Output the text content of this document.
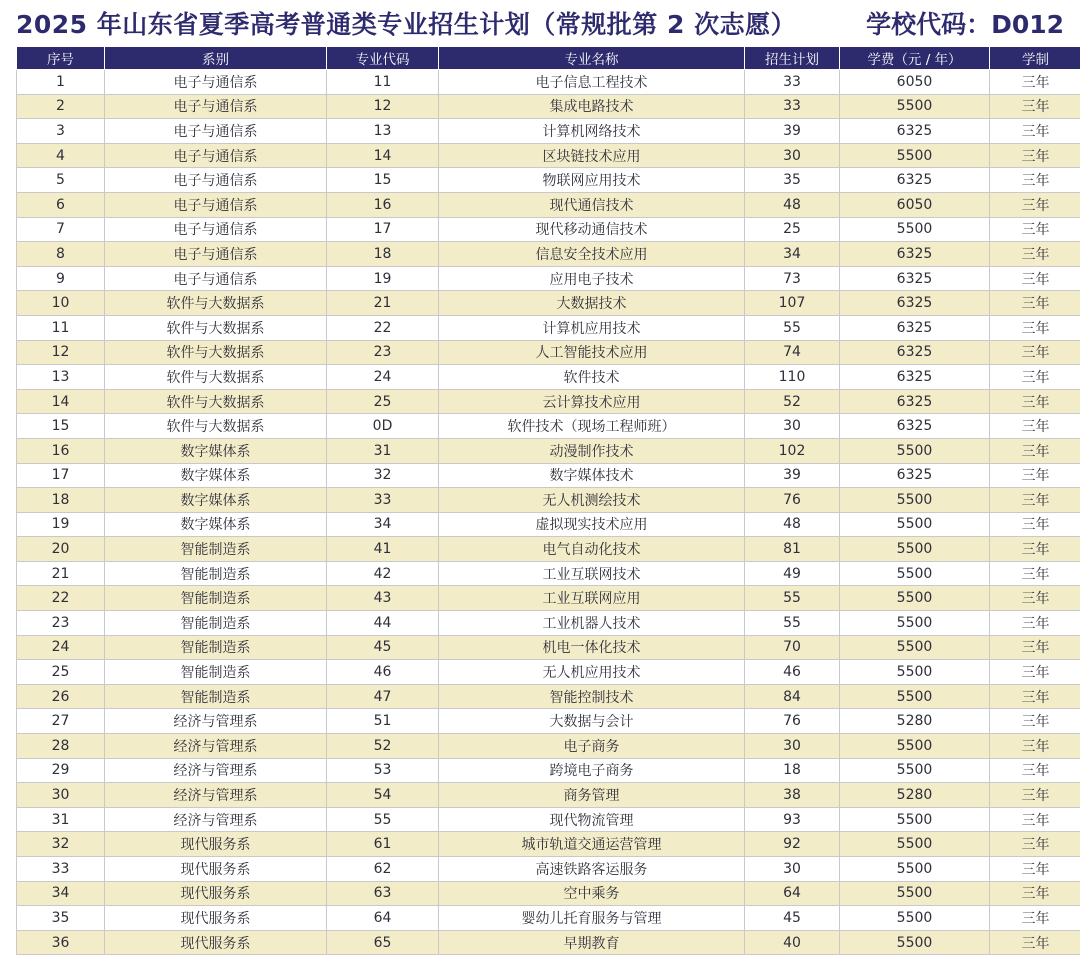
2025 年山东省夏季高考普通类专业招生计划（常规批第 2 次志愿）	学校代码：D012
序号	系别	专业代码	专业名称	招生计划	学费（元 / 年）	学制
1	电子与通信系	11	电子信息工程技术	33	6050	三年
2	电子与通信系	12	集成电路技术	33	5500	三年
3	电子与通信系	13	计算机网络技术	39	6325	三年
4	电子与通信系	14	区块链技术应用	30	5500	三年
5	电子与通信系	15	物联网应用技术	35	6325	三年
6	电子与通信系	16	现代通信技术	48	6050	三年
7	电子与通信系	17	现代移动通信技术	25	5500	三年
8	电子与通信系	18	信息安全技术应用	34	6325	三年
9	电子与通信系	19	应用电子技术	73	6325	三年
10	软件与大数据系	21	大数据技术	107	6325	三年
11	软件与大数据系	22	计算机应用技术	55	6325	三年
12	软件与大数据系	23	人工智能技术应用	74	6325	三年
13	软件与大数据系	24	软件技术	110	6325	三年
14	软件与大数据系	25	云计算技术应用	52	6325	三年
15	软件与大数据系	0D	软件技术（现场工程师班）	30	6325	三年
16	数字媒体系	31	动漫制作技术	102	5500	三年
17	数字媒体系	32	数字媒体技术	39	6325	三年
18	数字媒体系	33	无人机测绘技术	76	5500	三年
19	数字媒体系	34	虚拟现实技术应用	48	5500	三年
20	智能制造系	41	电气自动化技术	81	5500	三年
21	智能制造系	42	工业互联网技术	49	5500	三年
22	智能制造系	43	工业互联网应用	55	5500	三年
23	智能制造系	44	工业机器人技术	55	5500	三年
24	智能制造系	45	机电一体化技术	70	5500	三年
25	智能制造系	46	无人机应用技术	46	5500	三年
26	智能制造系	47	智能控制技术	84	5500	三年
27	经济与管理系	51	大数据与会计	76	5280	三年
28	经济与管理系	52	电子商务	30	5500	三年
29	经济与管理系	53	跨境电子商务	18	5500	三年
30	经济与管理系	54	商务管理	38	5280	三年
31	经济与管理系	55	现代物流管理	93	5500	三年
32	现代服务系	61	城市轨道交通运营管理	92	5500	三年
33	现代服务系	62	高速铁路客运服务	30	5500	三年
34	现代服务系	63	空中乘务	64	5500	三年
35	现代服务系	64	婴幼儿托育服务与管理	45	5500	三年
36	现代服务系	65	早期教育	40	5500	三年
